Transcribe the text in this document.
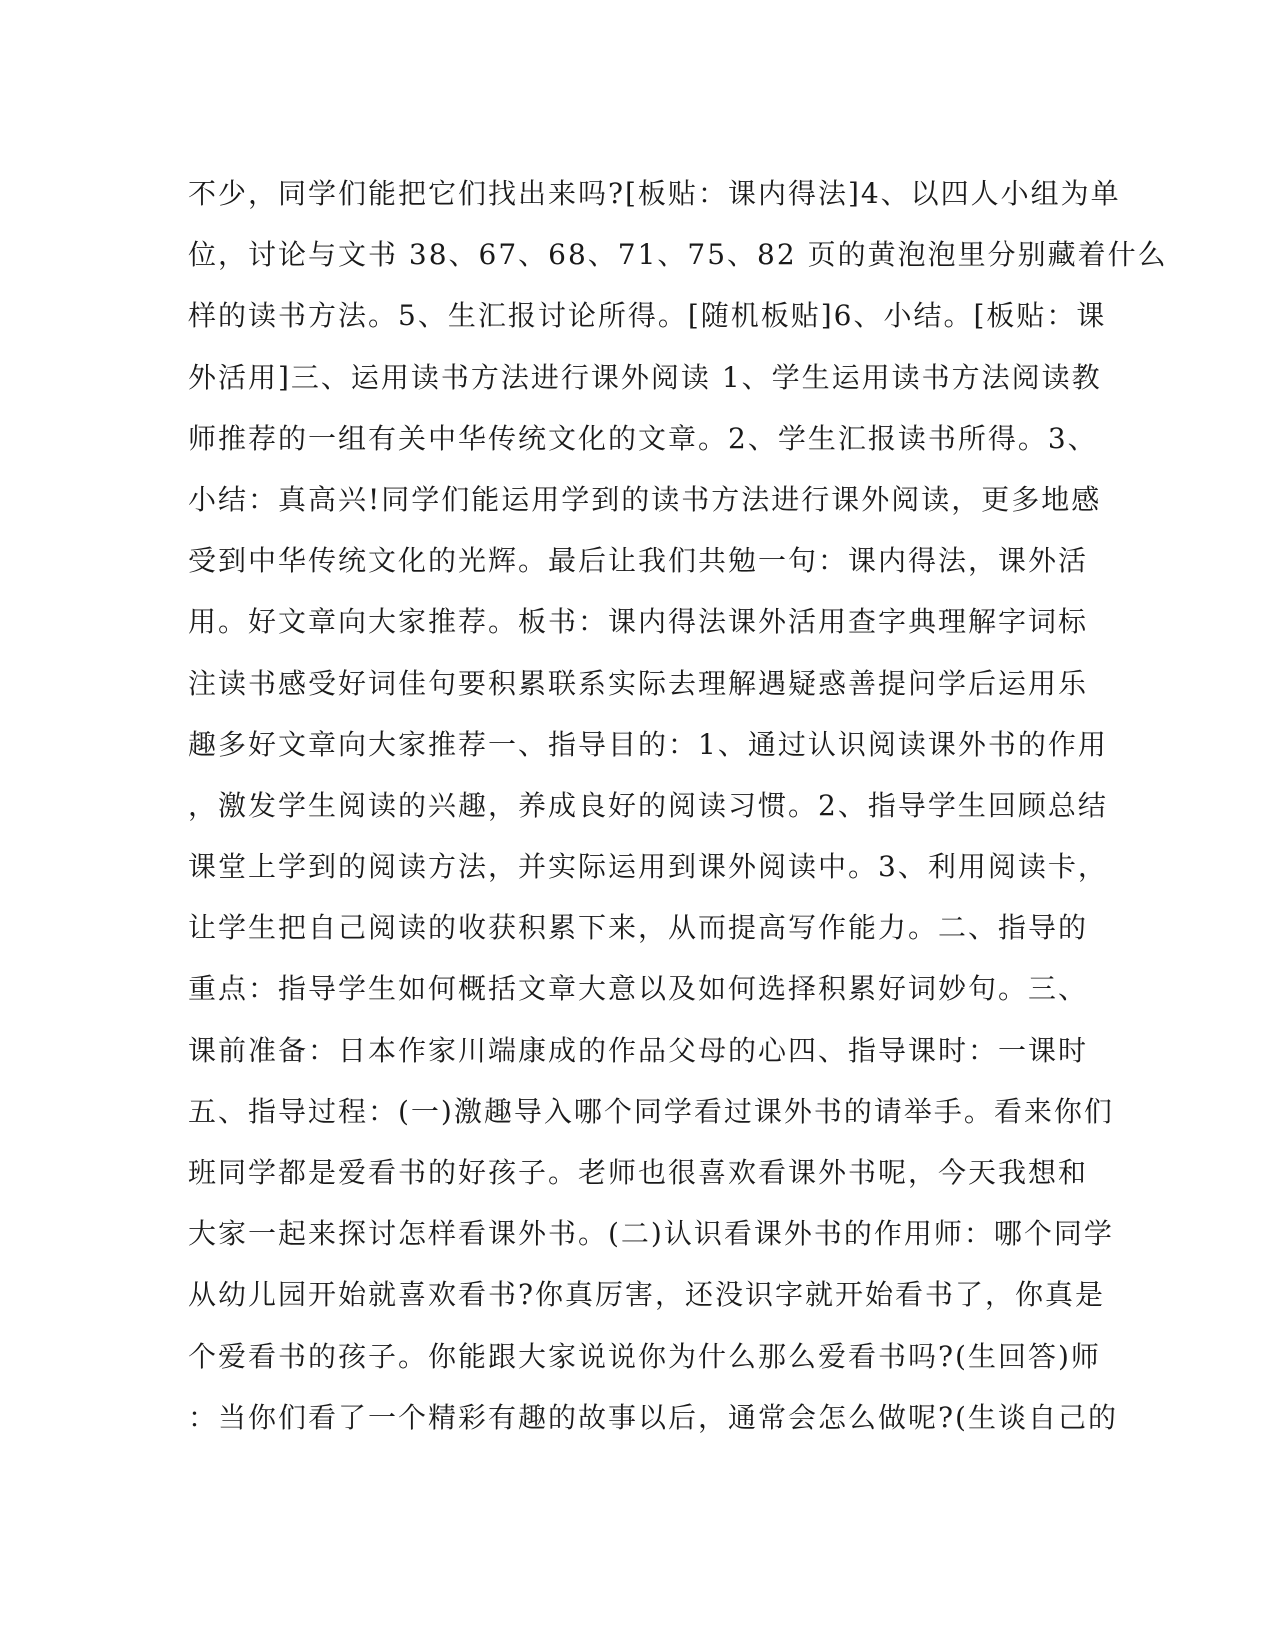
不少，同学们能把它们找出来吗?[板贴：课内得法]4、以四人小组为单
位，讨论与文书 38、67、68、71、75、82 页的黄泡泡里分别藏着什么
样的读书方法。5、生汇报讨论所得。[随机板贴]6、小结。[板贴：课
外活用]三、运用读书方法进行课外阅读 1、学生运用读书方法阅读教
师推荐的一组有关中华传统文化的文章。2、学生汇报读书所得。3、
小结：真高兴!同学们能运用学到的读书方法进行课外阅读，更多地感
受到中华传统文化的光辉。最后让我们共勉一句：课内得法，课外活
用。好文章向大家推荐。板书：课内得法课外活用查字典理解字词标
注读书感受好词佳句要积累联系实际去理解遇疑惑善提问学后运用乐
趣多好文章向大家推荐一、指导目的：1、通过认识阅读课外书的作用
，激发学生阅读的兴趣，养成良好的阅读习惯。2、指导学生回顾总结
课堂上学到的阅读方法，并实际运用到课外阅读中。3、利用阅读卡，
让学生把自己阅读的收获积累下来，从而提高写作能力。二、指导的
重点：指导学生如何概括文章大意以及如何选择积累好词妙句。三、
课前准备：日本作家川端康成的作品父母的心四、指导课时：一课时
五、指导过程：(一)激趣导入哪个同学看过课外书的请举手。看来你们
班同学都是爱看书的好孩子。老师也很喜欢看课外书呢，今天我想和
大家一起来探讨怎样看课外书。(二)认识看课外书的作用师：哪个同学
从幼儿园开始就喜欢看书?你真厉害，还没识字就开始看书了，你真是
个爱看书的孩子。你能跟大家说说你为什么那么爱看书吗?(生回答)师
：当你们看了一个精彩有趣的故事以后，通常会怎么做呢?(生谈自己的
